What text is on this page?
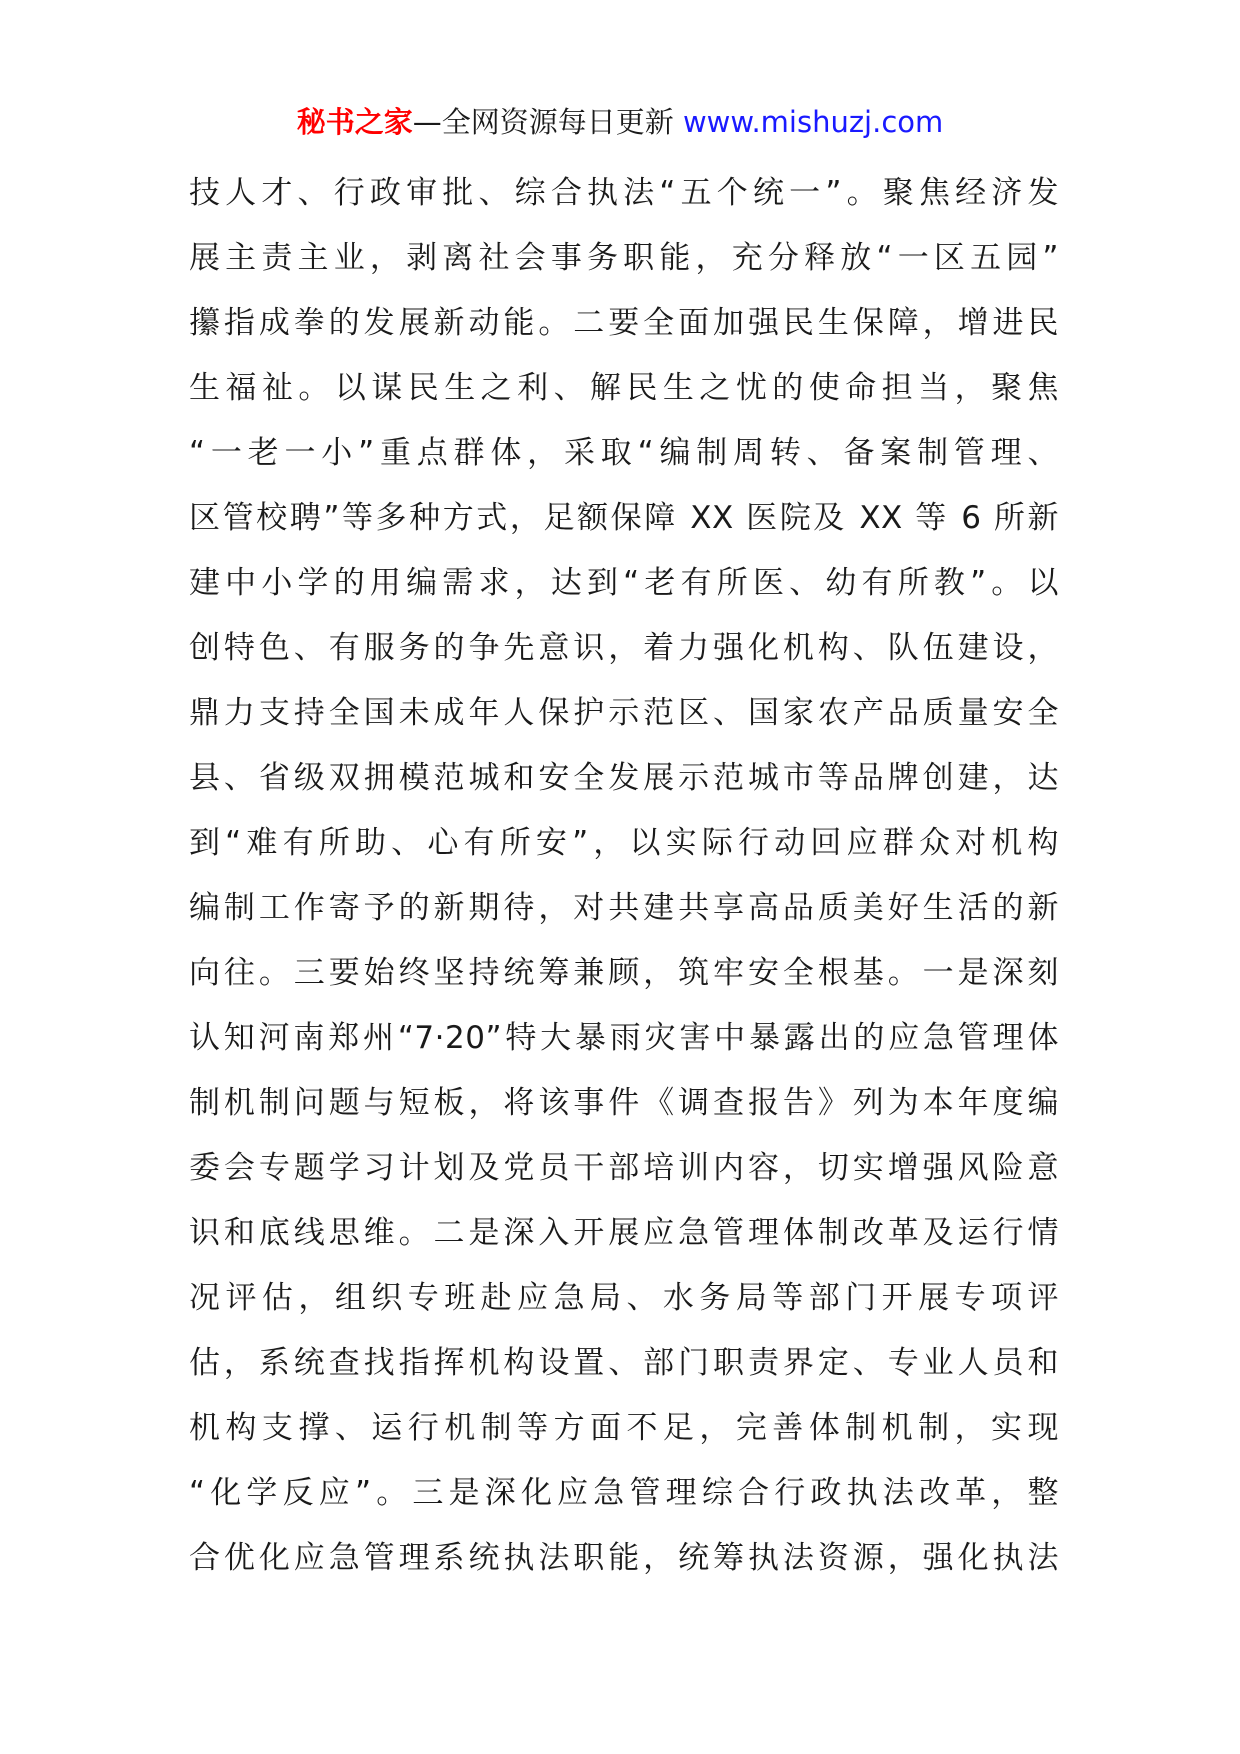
秘书之家—全网资源每日更新 www.mishuzj.com
技人才、行政审批、综合执法“五个统一”。聚焦经济发
展主责主业，剥离社会事务职能，充分释放“一区五园”
攥指成拳的发展新动能。二要全面加强民生保障，增进民
生福祉。以谋民生之利、解民生之忧的使命担当，聚焦
“一老一小”重点群体，采取“编制周转、备案制管理、
区管校聘”等多种方式，足额保障 XX 医院及 XX 等 6 所新
建中小学的用编需求，达到“老有所医、幼有所教”。以
创特色、有服务的争先意识，着力强化机构、队伍建设，
鼎力支持全国未成年人保护示范区、国家农产品质量安全
县、省级双拥模范城和安全发展示范城市等品牌创建，达
到“难有所助、心有所安”，以实际行动回应群众对机构
编制工作寄予的新期待，对共建共享高品质美好生活的新
向往。三要始终坚持统筹兼顾，筑牢安全根基。一是深刻
认知河南郑州“7·20”特大暴雨灾害中暴露出的应急管理体
制机制问题与短板，将该事件《调查报告》列为本年度编
委会专题学习计划及党员干部培训内容，切实增强风险意
识和底线思维。二是深入开展应急管理体制改革及运行情
况评估，组织专班赴应急局、水务局等部门开展专项评
估，系统查找指挥机构设置、部门职责界定、专业人员和
机构支撑、运行机制等方面不足，完善体制机制，实现
“化学反应”。三是深化应急管理综合行政执法改革，整
合优化应急管理系统执法职能，统筹执法资源，强化执法
